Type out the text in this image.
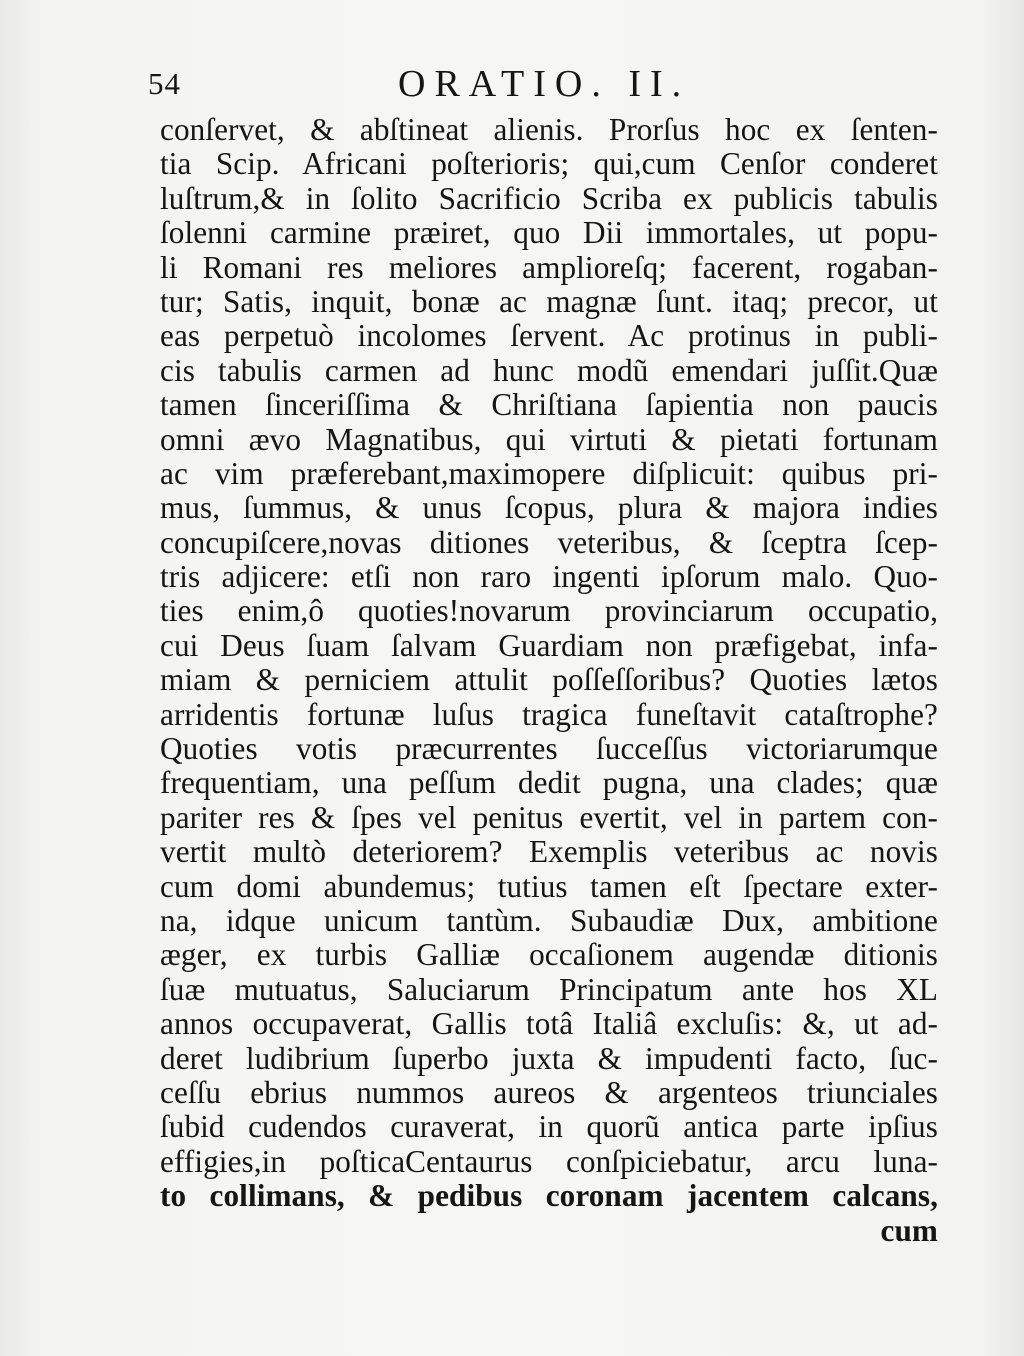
54	ORATIO. II.
conſervet, & abſtineat alienis. Prorſus hoc ex ſenten-
tia Scip. Africani poſterioris; qui,cum Cenſor conderet
luſtrum,& in ſolito Sacrificio Scriba ex publicis tabulis
ſolenni carmine præiret, quo Dii immortales, ut popu-
li Romani res meliores amplioreſq; facerent, rogaban-
tur; Satis, inquit, bonæ ac magnæ ſunt. itaq; precor, ut
eas perpetuò incolomes ſervent. Ac protinus in publi-
cis tabulis carmen ad hunc modũ emendari juſſit.Quæ
tamen ſinceriſſima & Chriſtiana ſapientia non paucis
omni ævo Magnatibus, qui virtuti & pietati fortunam
ac vim præferebant,maximopere diſplicuit: quibus pri-
mus, ſummus, & unus ſcopus, plura & majora indies
concupiſcere,novas ditiones veteribus, & ſceptra ſcep-
tris adjicere: etſi non raro ingenti ipſorum malo. Quo-
ties enim,ô quoties!novarum provinciarum occupatio,
cui Deus ſuam ſalvam Guardiam non præfigebat, infa-
miam & perniciem attulit poſſeſſoribus? Quoties lætos
arridentis fortunæ luſus tragica funeſtavit cataſtrophe?
Quoties votis præcurrentes ſucceſſus victoriarumque
frequentiam, una peſſum dedit pugna, una clades; quæ
pariter res & ſpes vel penitus evertit, vel in partem con-
vertit multò deteriorem? Exemplis veteribus ac novis
cum domi abundemus; tutius tamen eſt ſpectare exter-
na, idque unicum tantùm. Subaudiæ Dux, ambitione
æger, ex turbis Galliæ occaſionem augendæ ditionis
ſuæ mutuatus, Saluciarum Principatum ante hos XL
annos occupaverat, Gallis totâ Italiâ excluſis: &, ut ad-
deret ludibrium ſuperbo juxta & impudenti facto, ſuc-
ceſſu ebrius nummos aureos & argenteos triunciales
ſubid cudendos curaverat, in quorũ antica parte ipſius
effigies,in poſticaCentaurus conſpiciebatur, arcu luna-
to collimans, & pedibus coronam jacentem calcans,
cum
